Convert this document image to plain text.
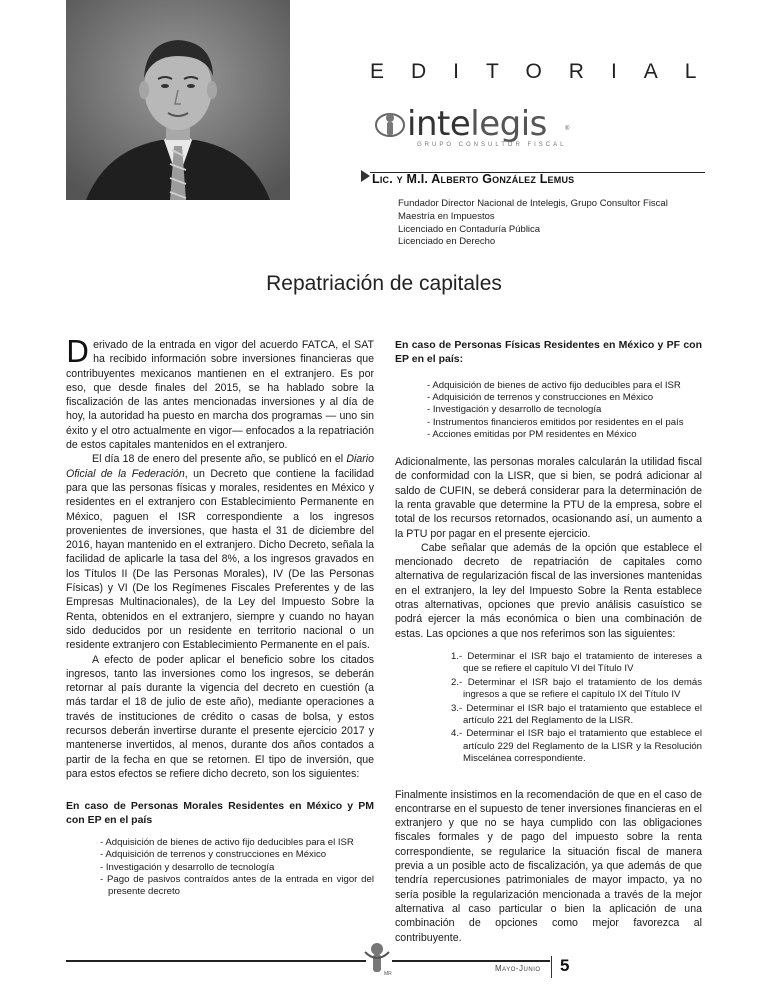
EDITORIAL
intelegis	®
GRUPO CONSULTOR FISCAL
Lic. y M.I. Alberto González Lemus
Fundador Director Nacional de Intelegis, Grupo Consultor Fiscal
Maestría en Impuestos
Licenciado en Contaduría Pública
Licenciado en Derecho
Repatriación de capitales

Derivado de la entrada en vigor del acuerdo FATCA, el SAT ha recibido información sobre inversiones financieras que contribuyentes mexicanos mantienen en el extranjero. Es por eso, que desde finales del 2015, se ha hablado sobre la fiscalización de las antes mencionadas inversiones y al día de hoy, la autoridad ha puesto en marcha dos programas — uno sin éxito y el otro actualmente en vigor— enfocados a la repatriación de estos capitales mantenidos en el extranjero.

El día 18 de enero del presente año, se publicó en el Diario Oficial de la Federación, un Decreto que contiene la facilidad para que las personas físicas y morales, residentes en México y residentes en el extranjero con Establecimiento Permanente en México, paguen el ISR correspondiente a los ingresos provenientes de inversiones, que hasta el 31 de diciembre del 2016, hayan mantenido en el extranjero. Dicho Decreto, señala la facilidad de aplicarle la tasa del 8%, a los ingresos gravados en los Títulos II (De las Personas Morales), IV (De las Personas Físicas) y VI (De los Regímenes Fiscales Preferentes y de las Empresas Multinacionales), de la Ley del Impuesto Sobre la Renta, obtenidos en el extranjero, siempre y cuando no hayan sido deducidos por un residente en territorio nacional o un residente extranjero con Establecimiento Permanente en el país.

A efecto de poder aplicar el beneficio sobre los citados ingresos, tanto las inversiones como los ingresos, se deberán retornar al país durante la vigencia del decreto en cuestión (a más tardar el 18 de julio de este año), mediante operaciones a través de instituciones de crédito o casas de bolsa, y estos recursos deberán invertirse durante el presente ejercicio 2017 y mantenerse invertidos, al menos, durante dos años contados a partir de la fecha en que se retornen. El tipo de inversión, que para estos efectos se refiere dicho decreto, son los siguientes:

En caso de Personas Morales Residentes en México y PM con EP en el país

- Adquisición de bienes de activo fijo deducibles para el ISR
- Adquisición de terrenos y construcciones en México
- Investigación y desarrollo de tecnología
- Pago de pasivos contraídos antes de la entrada en vigor del presente decreto

En caso de Personas Físicas Residentes en México y PF con EP en el país:

- Adquisición de bienes de activo fijo deducibles para el ISR
- Adquisición de terrenos y construcciones en México
- Investigación y desarrollo de tecnología
- Instrumentos financieros emitidos por residentes en el país
- Acciones emitidas por PM residentes en México

Adicionalmente, las personas morales calcularán la utilidad fiscal de conformidad con la LISR, que si bien, se podrá adicionar al saldo de CUFIN, se deberá considerar para la determinación de la renta gravable que determine la PTU de la empresa, sobre el total de los recursos retornados, ocasionando así, un aumento a la PTU por pagar en el presente ejercicio.

Cabe señalar que además de la opción que establece el mencionado decreto de repatriación de capitales como alternativa de regularización fiscal de las inversiones mantenidas en el extranjero, la ley del Impuesto Sobre la Renta establece otras alternativas, opciones que previo análisis casuístico se podrá ejercer la más económica o bien una combinación de estas. Las opciones a que nos referimos son las siguientes:

1.- Determinar el ISR bajo el tratamiento de intereses a que se refiere el capítulo VI del Título IV
2.- Determinar el ISR bajo el tratamiento de los demás ingresos a que se refiere el capítulo IX del Título IV
3.- Determinar el ISR bajo el tratamiento que establece el artículo 221 del Reglamento de la LISR.
4.- Determinar el ISR bajo el tratamiento que establece el artículo 229 del Reglamento de la LISR y la Resolución Miscelánea correspondiente.

Finalmente insistimos en la recomendación de que en el caso de encontrarse en el supuesto de tener inversiones financieras en el extranjero y que no se haya cumplido con las obligaciones fiscales formales y de pago del impuesto sobre la renta correspondiente, se regularice la situación fiscal de manera previa a un posible acto de fiscalización, ya que además de que tendría repercusiones patrimoniales de mayor impacto, ya no sería posible la regularización mencionada a través de la mejor alternativa al caso particular o bien la aplicación de una combinación de opciones como mejor favorezca al contribuyente.

MR
Mayo-Junio 5
